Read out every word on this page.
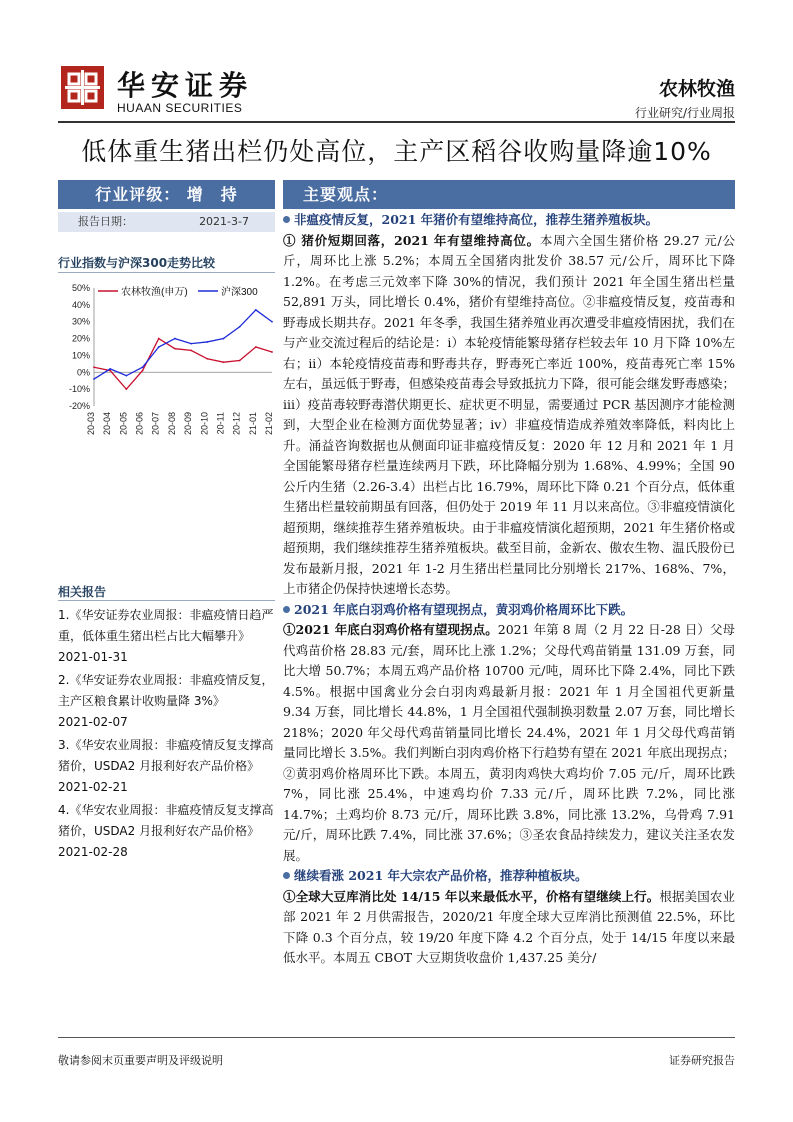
华安证券
HUAAN SECURITIES
农林牧渔
行业研究/行业周报
低体重生猪出栏仍处高位，主产区稻谷收购量降逾10%
行业评级： 增　持
报告日期：	2021-3-7
行业指数与沪深300走势比较
50%
40%
30%
20%
10%
0%
-10%
-20%
20-03 20-04 20-05 20-06 20-07 20-08 20-09 20-10 20-11 20-12 21-01 21-02
农林牧渔(申万)	沪深300
相关报告
1.《华安证券农业周报：非瘟疫情日趋严重，低体重生猪出栏占比大幅攀升》
2021-01-31
2.《华安证券农业周报：非瘟疫情反复，主产区粮食累计收购量降 3%》
2021-02-07
3.《华安农业周报：非瘟疫情反复支撑高猪价，USDA2 月报利好农产品价格》
2021-02-21
4.《华安农业周报：非瘟疫情反复支撑高猪价，USDA2 月报利好农产品价格》
2021-02-28
主要观点：
非瘟疫情反复，2021 年猪价有望维持高位，推荐生猪养殖板块。
① 猪价短期回落，2021 年有望维持高位。本周六全国生猪价格 29.27 元/公斤，周环比上涨 5.2%；本周五全国猪肉批发价 38.57 元/公斤，周环比下降 1.2%。在考虑三元效率下降 30%的情况，我们预计 2021 年全国生猪出栏量 52,891 万头，同比增长 0.4%，猪价有望维持高位。②非瘟疫情反复，疫苗毒和野毒成长期共存。2021 年冬季，我国生猪养殖业再次遭受非瘟疫情困扰，我们在与产业交流过程后的结论是：i）本轮疫情能繁母猪存栏较去年 10 月下降 10%左右；ii）本轮疫情疫苗毒和野毒共存，野毒死亡率近 100%，疫苗毒死亡率 15%左右，虽远低于野毒，但感染疫苗毒会导致抵抗力下降，很可能会继发野毒感染；iii）疫苗毒较野毒潜伏期更长、症状更不明显，需要通过 PCR 基因测序才能检测到，大型企业在检测方面优势显著；iv）非瘟疫情造成养殖效率降低，料肉比上升。涌益咨询数据也从侧面印证非瘟疫情反复：2020 年 12 月和 2021 年 1 月全国能繁母猪存栏量连续两月下跌，环比降幅分别为 1.68%、4.99%；全国 90 公斤内生猪（2.26-3.4）出栏占比 16.79%，周环比下降 0.21 个百分点，低体重生猪出栏量较前期虽有回落，但仍处于 2019 年 11 月以来高位。③非瘟疫情演化超预期，继续推荐生猪养殖板块。由于非瘟疫情演化超预期，2021 年生猪价格或超预期，我们继续推荐生猪养殖板块。截至目前，金新农、傲农生物、温氏股份已发布最新月报，2021 年 1-2 月生猪出栏量同比分别增长 217%、168%、7%，上市猪企仍保持快速增长态势。
2021 年底白羽鸡价格有望现拐点，黄羽鸡价格周环比下跌。
①2021 年底白羽鸡价格有望现拐点。2021 年第 8 周（2 月 22 日-28 日）父母代鸡苗价格 28.83 元/套，周环比上涨 1.2%；父母代鸡苗销量 131.09 万套，同比大增 50.7%；本周五鸡产品价格 10700 元/吨，周环比下降 2.4%，同比下跌 4.5%。根据中国禽业分会白羽肉鸡最新月报：2021 年 1 月全国祖代更新量 9.34 万套，同比增长 44.8%，1 月全国祖代强制换羽数量 2.07 万套，同比增长 218%；2020 年父母代鸡苗销量同比增长 24.4%，2021 年 1 月父母代鸡苗销量同比增长 3.5%。我们判断白羽肉鸡价格下行趋势有望在 2021 年底出现拐点；②黄羽鸡价格周环比下跌。本周五，黄羽肉鸡快大鸡均价 7.05 元/斤，周环比跌 7%，同比涨 25.4%，中速鸡均价 7.33 元/斤，周环比跌 7.2%，同比涨 14.7%；土鸡均价 8.73 元/斤，周环比跌 3.8%，同比涨 13.2%，乌骨鸡 7.91 元/斤，周环比跌 7.4%，同比涨 37.6%；③圣农食品持续发力，建议关注圣农发展。
继续看涨 2021 年大宗农产品价格，推荐种植板块。
①全球大豆库消比处 14/15 年以来最低水平，价格有望继续上行。根据美国农业部 2021 年 2 月供需报告，2020/21 年度全球大豆库消比预测值 22.5%，环比下降 0.3 个百分点，较 19/20 年度下降 4.2 个百分点，处于 14/15 年度以来最低水平。本周五 CBOT 大豆期货收盘价 1,437.25 美分/
敬请参阅末页重要声明及评级说明	证券研究报告
